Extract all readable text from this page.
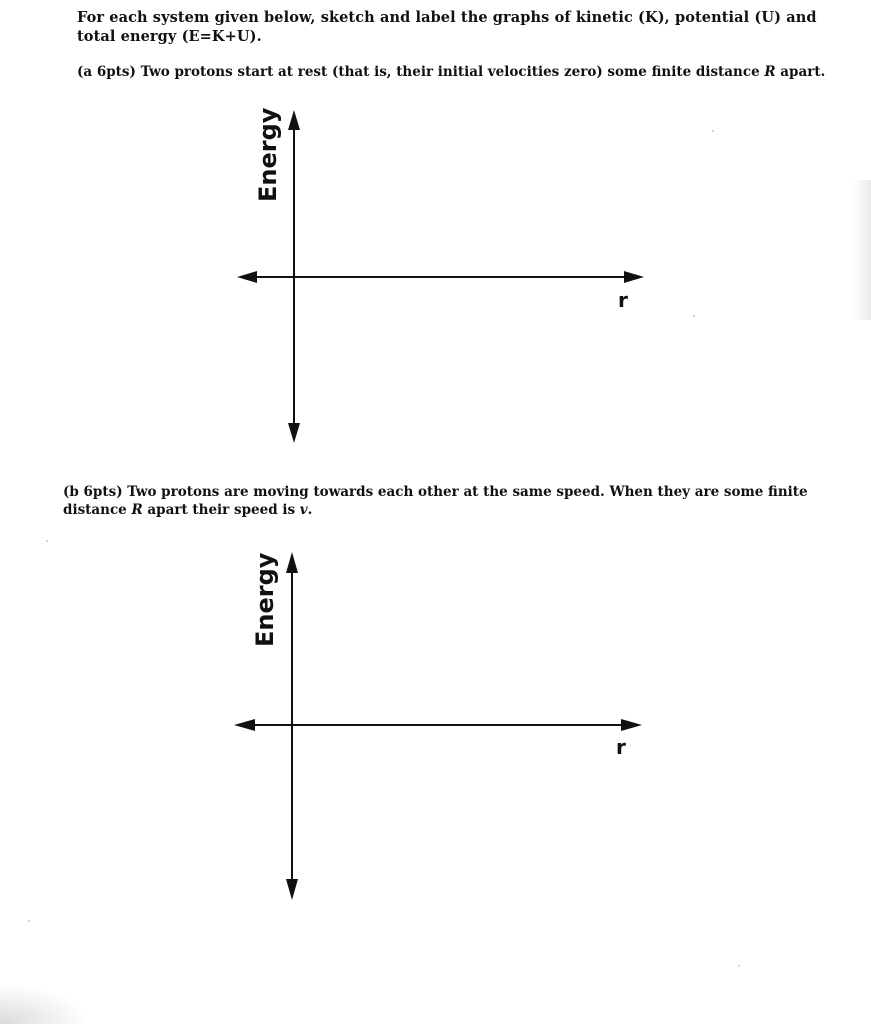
For each system given below, sketch and label the graphs of kinetic (K), potential (U) and total energy (E=K+U).
(a 6pts) Two protons start at rest (that is, their initial velocities zero) some finite distance R apart.
Energy
r
(b 6pts) Two protons are moving towards each other at the same speed. When they are some finite distance R apart their speed is v.
Energy
r
